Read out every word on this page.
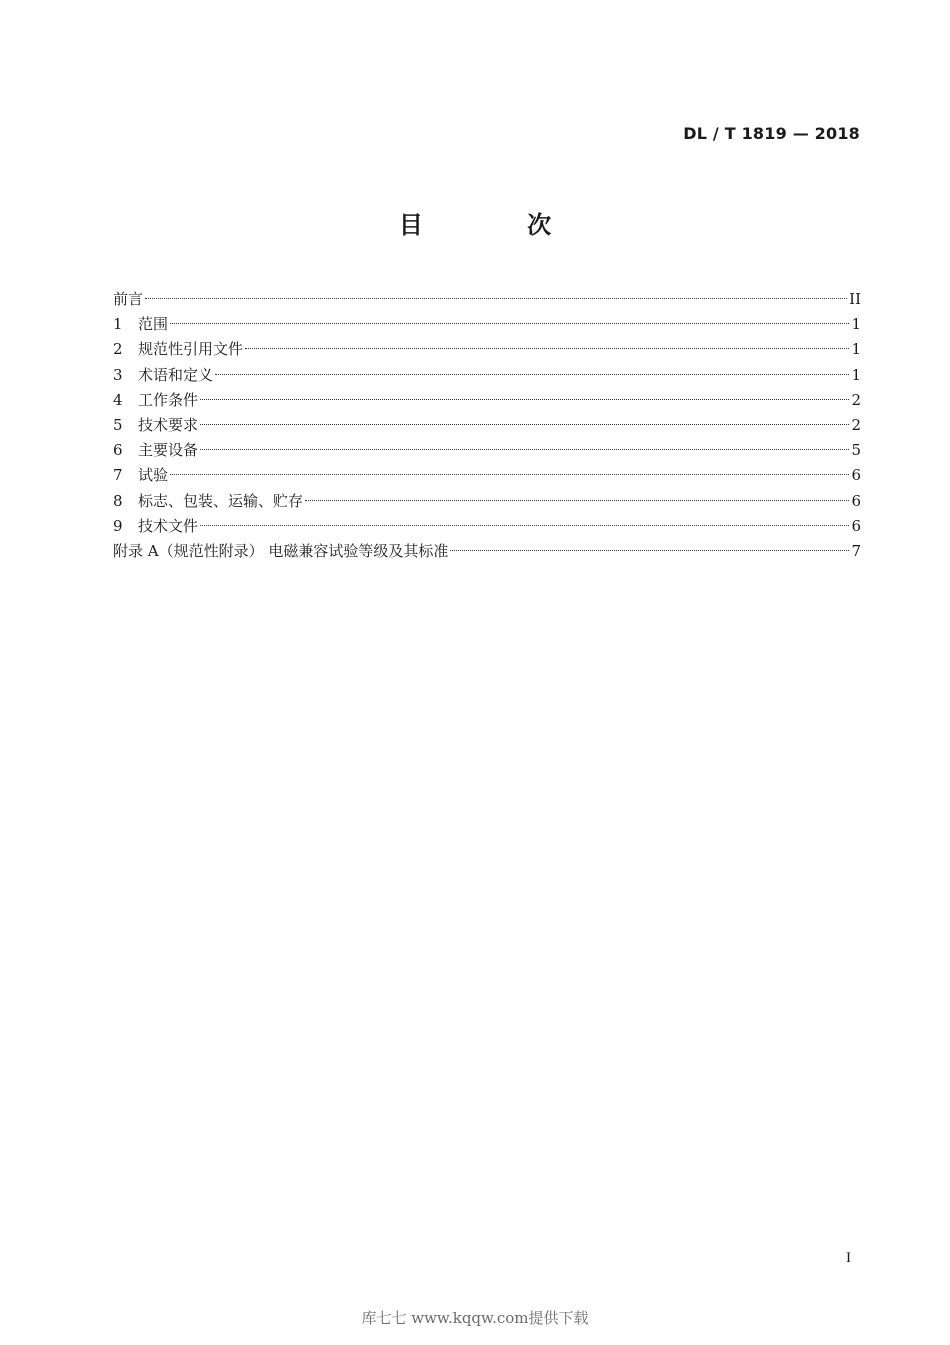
DL / T 1819 — 2018
目 次
前言	II
1	范围	1
2	规范性引用文件	1
3	术语和定义	1
4	工作条件	2
5	技术要求	2
6	主要设备	5
7	试验	6
8	标志、包装、运输、贮存	6
9	技术文件	6
附录 A（规范性附录） 电磁兼容试验等级及其标准	7
I
库七七 www.kqqw.com提供下载
